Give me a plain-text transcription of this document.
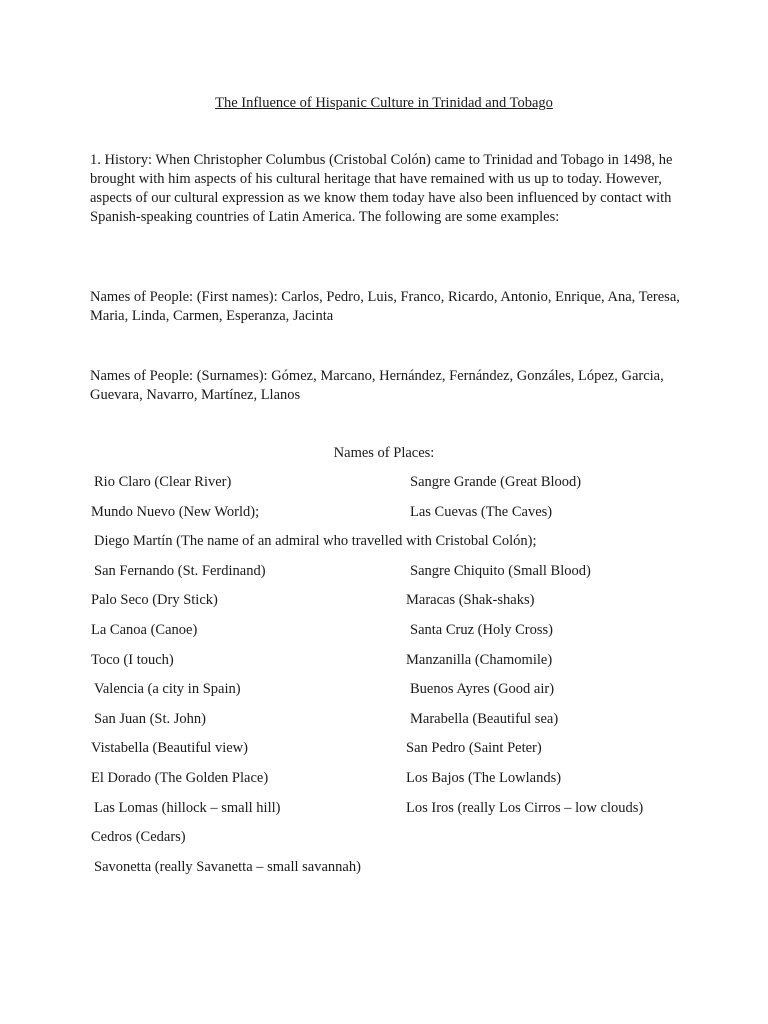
The Influence of Hispanic Culture in Trinidad and Tobago

1. History: When Christopher Columbus (Cristobal Colón) came to Trinidad and Tobago in 1498, he brought with him aspects of his cultural heritage that have remained with us up to today. However, aspects of our cultural expression as we know them today have also been influenced by contact with Spanish-speaking countries of Latin America. The following are some examples:

Names of People: (First names): Carlos, Pedro, Luis, Franco, Ricardo, Antonio, Enrique, Ana, Teresa, Maria, Linda, Carmen, Esperanza, Jacinta

Names of People: (Surnames): Gómez, Marcano, Hernández, Fernández, Gonzáles, López, Garcia, Guevara, Navarro, Martínez, Llanos

Names of Places:

Rio Claro (Clear River)	Sangre Grande (Great Blood)
Mundo Nuevo (New World);	Las Cuevas (The Caves)
Diego Martín (The name of an admiral who travelled with Cristobal Colón);
San Fernando (St. Ferdinand)	Sangre Chiquito (Small Blood)
Palo Seco (Dry Stick)	Maracas (Shak-shaks)
La Canoa (Canoe)	Santa Cruz (Holy Cross)
Toco (I touch)	Manzanilla (Chamomile)
Valencia (a city in Spain)	Buenos Ayres (Good air)
San Juan (St. John)	Marabella (Beautiful sea)
Vistabella (Beautiful view)	San Pedro (Saint Peter)
El Dorado (The Golden Place)	Los Bajos (The Lowlands)
Las Lomas (hillock – small hill)	Los Iros (really Los Cirros – low clouds)
Cedros (Cedars)
Savonetta (really Savanetta – small savannah)
